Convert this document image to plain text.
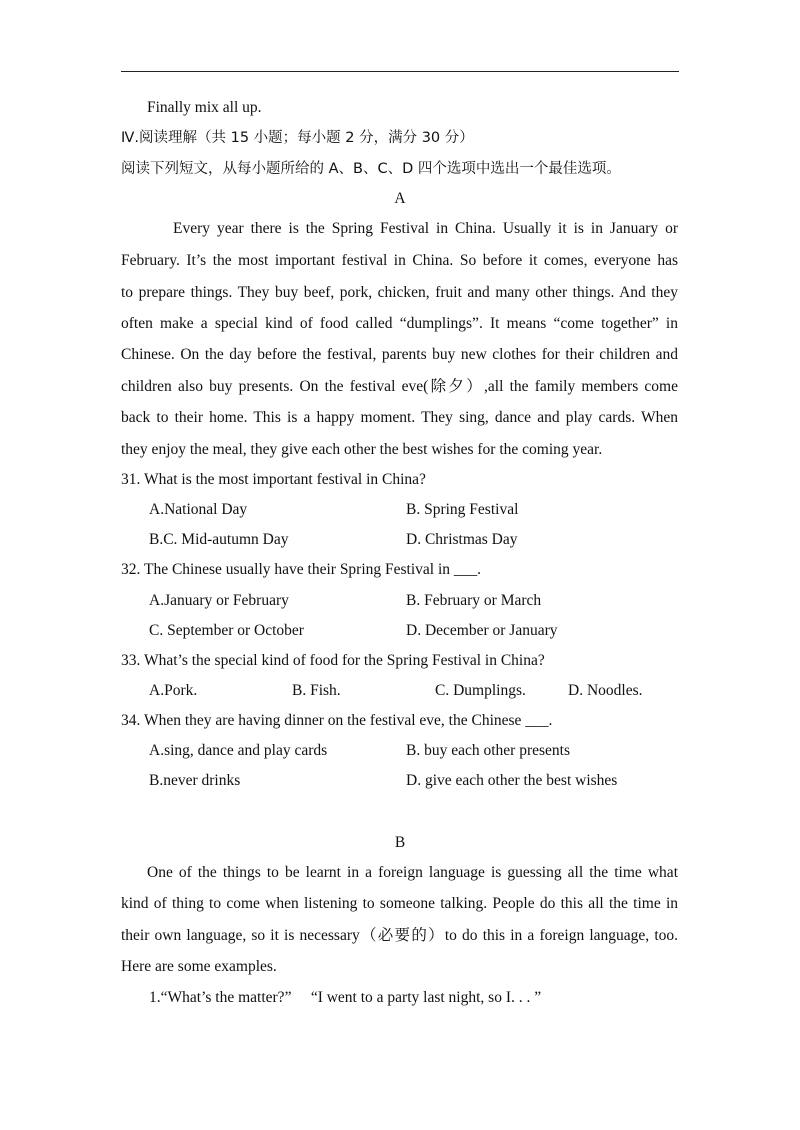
Finally mix all up.
Ⅳ.阅读理解（共 15 小题；每小题 2 分，满分 30 分）
阅读下列短文，从每小题所给的 A、B、C、D 四个选项中选出一个最佳选项。
A
Every year there is the Spring Festival in China. Usually it is in January or
February. It’s the most important festival in China. So before it comes, everyone has
to prepare things. They buy beef, pork, chicken, fruit and many other things. And they
often make a special kind of food called “dumplings”. It means “come together” in
Chinese. On the day before the festival, parents buy new clothes for their children and
children also buy presents. On the festival eve(除夕）,all the family members come
back to their home. This is a happy moment. They sing, dance and play cards. When
they enjoy the meal, they give each other the best wishes for the coming year.
31. What is the most important festival in China?
A.National Day	B. Spring Festival
B.C. Mid-autumn Day	D. Christmas Day
32. The Chinese usually have their Spring Festival in ___.
A.January or February	B. February or March
C. September or October	D. December or January
33. What’s the special kind of food for the Spring Festival in China?
A.Pork.	B. Fish.	C. Dumplings.	D. Noodles.
34. When they are having dinner on the festival eve, the Chinese ___.
A.sing, dance and play cards	B. buy each other presents
B.never drinks	D. give each other the best wishes
B
One of the things to be learnt in a foreign language is guessing all the time what
kind of thing to come when listening to someone talking. People do this all the time in
their own language, so it is necessary（必要的）to do this in a foreign language, too.
Here are some examples.
1.“What’s the matter?”     “I went to a party last night, so I. . . ”
